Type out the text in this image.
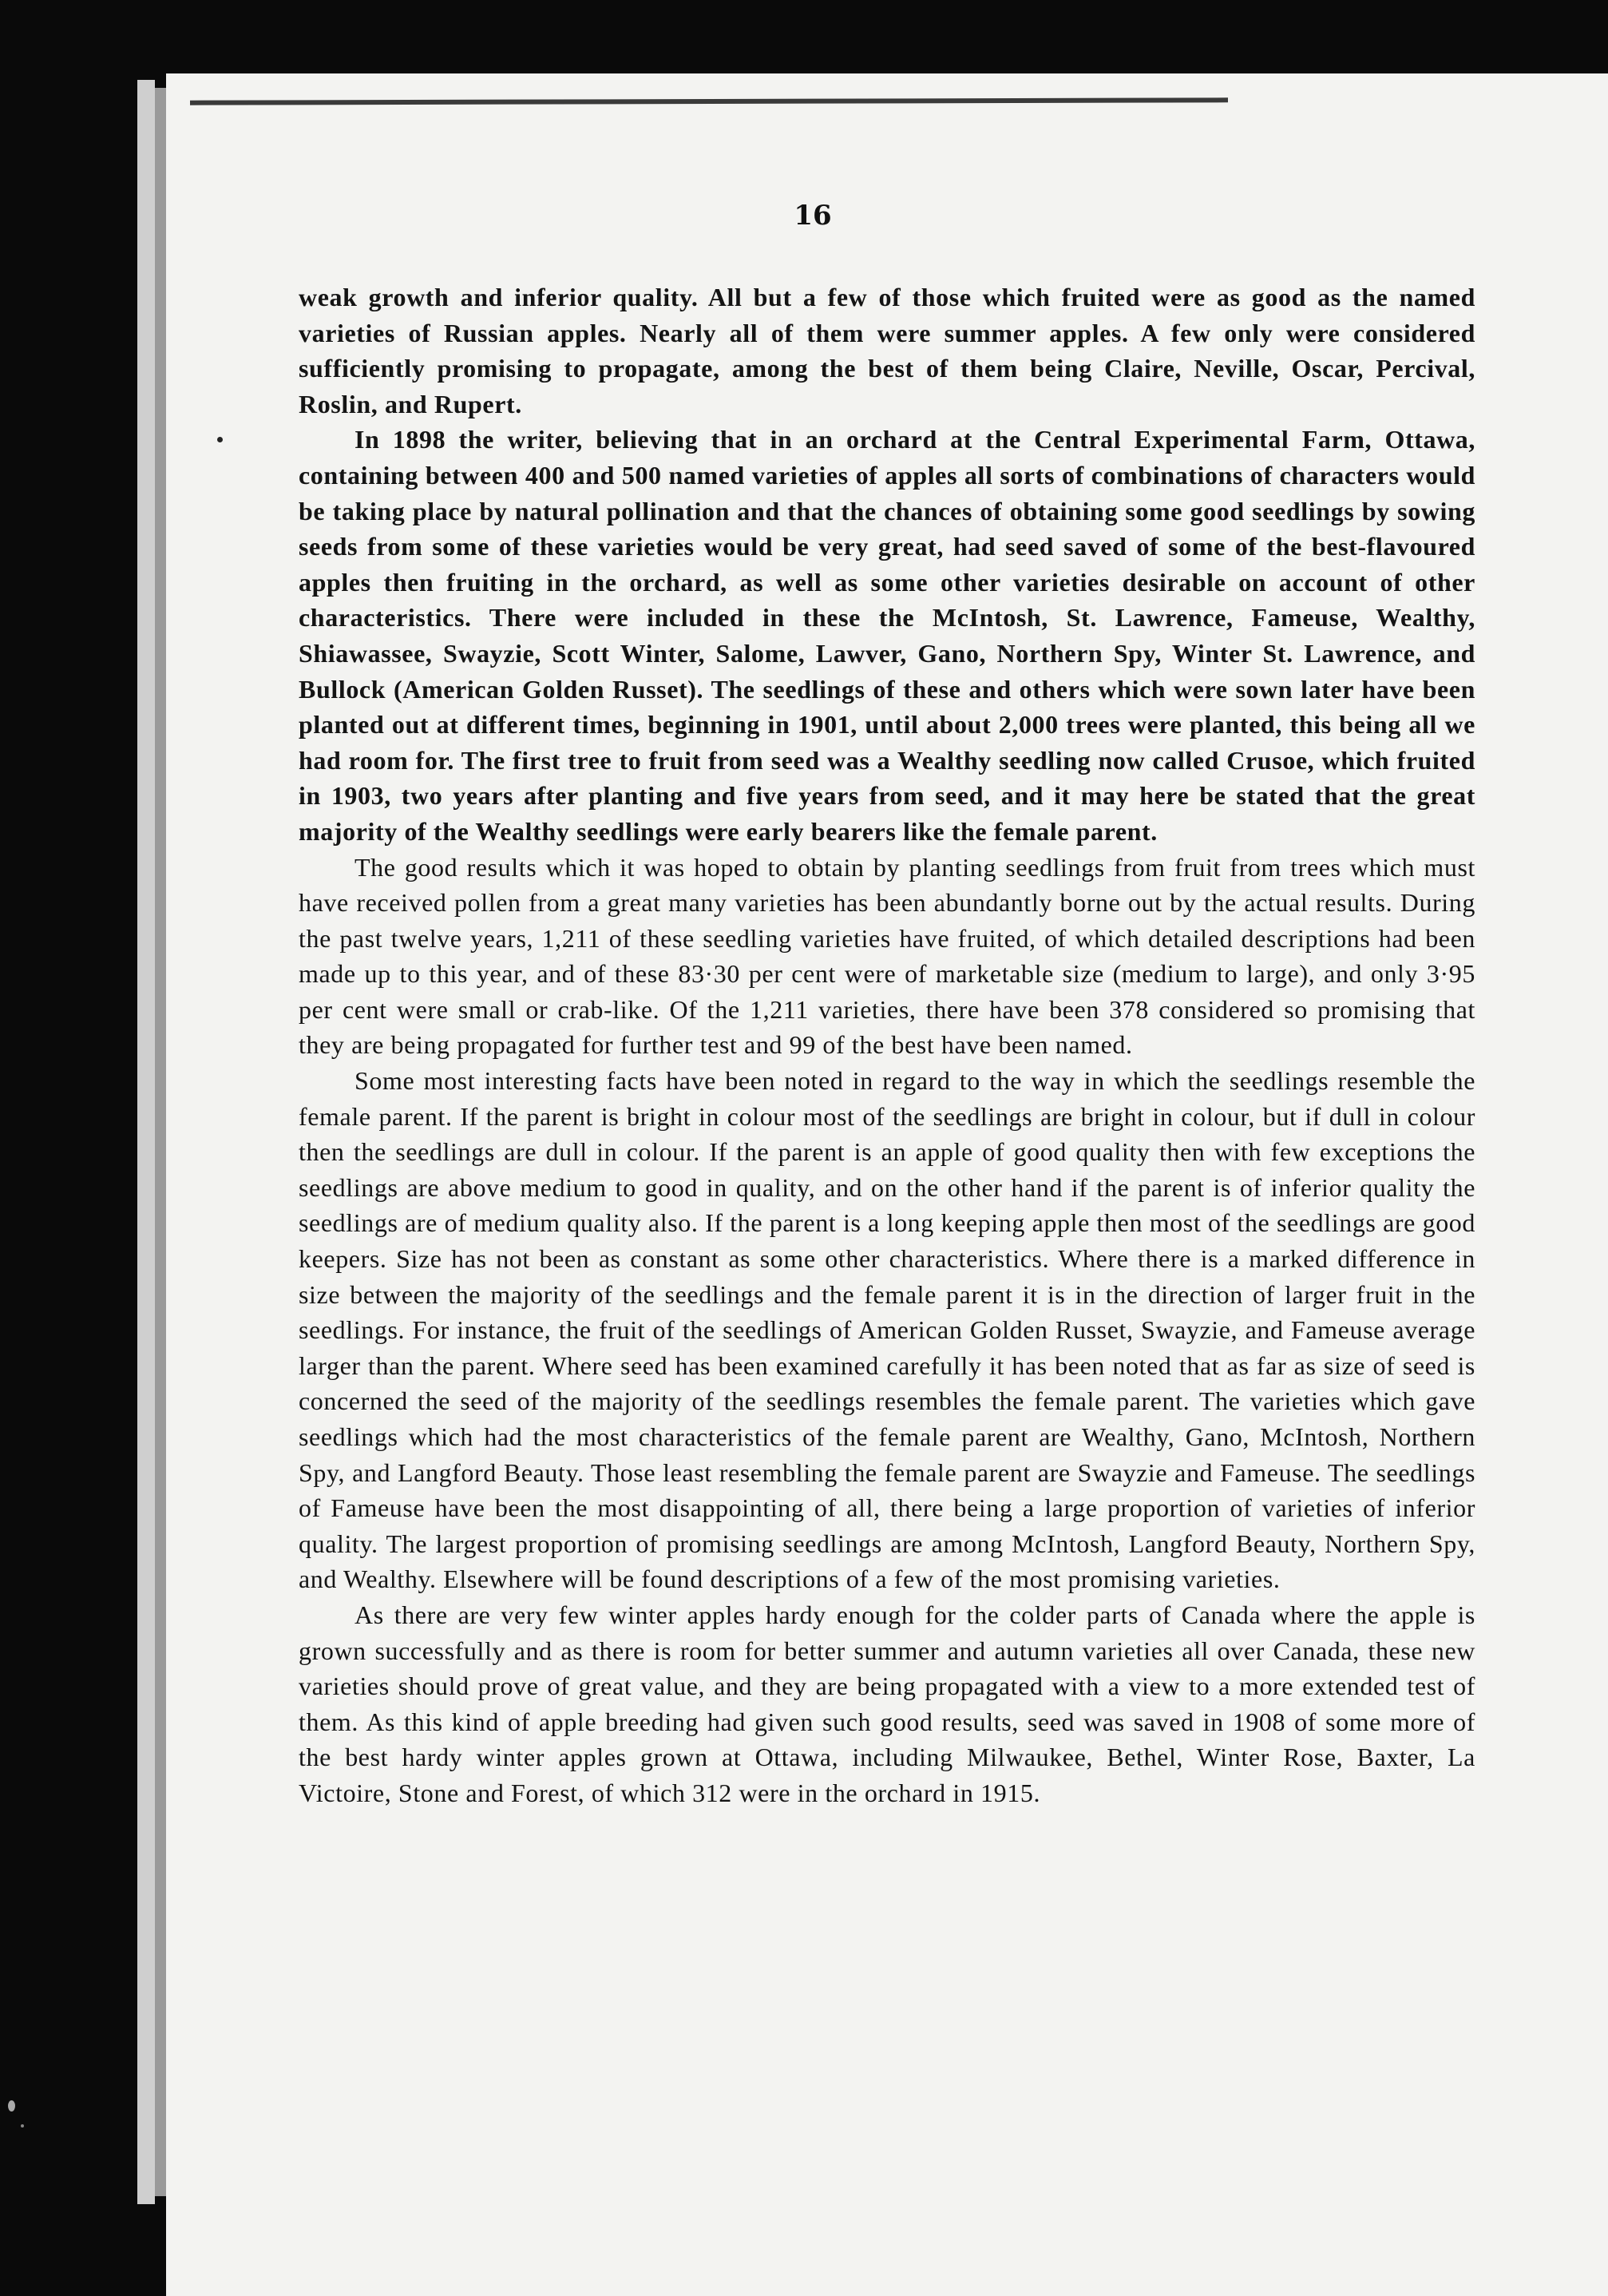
16

weak growth and inferior quality. All but a few of those which fruited were as good as the named varieties of Russian apples. Nearly all of them were summer apples. A few only were considered sufficiently promising to propagate, among the best of them being Claire, Neville, Oscar, Percival, Roslin, and Rupert.

In 1898 the writer, believing that in an orchard at the Central Experimental Farm, Ottawa, containing between 400 and 500 named varieties of apples all sorts of combinations of characters would be taking place by natural pollination and that the chances of obtaining some good seedlings by sowing seeds from some of these varieties would be very great, had seed saved of some of the best-flavoured apples then fruiting in the orchard, as well as some other varieties desirable on account of other characteristics. There were included in these the McIntosh, St. Lawrence, Fameuse, Wealthy, Shiawassee, Swayzie, Scott Winter, Salome, Lawver, Gano, Northern Spy, Winter St. Lawrence, and Bullock (American Golden Russet). The seedlings of these and others which were sown later have been planted out at different times, beginning in 1901, until about 2,000 trees were planted, this being all we had room for. The first tree to fruit from seed was a Wealthy seedling now called Crusoe, which fruited in 1903, two years after planting and five years from seed, and it may here be stated that the great majority of the Wealthy seedlings were early bearers like the female parent.

The good results which it was hoped to obtain by planting seedlings from fruit from trees which must have received pollen from a great many varieties has been abundantly borne out by the actual results. During the past twelve years, 1,211 of these seedling varieties have fruited, of which detailed descriptions had been made up to this year, and of these 83·30 per cent were of marketable size (medium to large), and only 3·95 per cent were small or crab-like. Of the 1,211 varieties, there have been 378 considered so promising that they are being propagated for further test and 99 of the best have been named.

Some most interesting facts have been noted in regard to the way in which the seedlings resemble the female parent. If the parent is bright in colour most of the seedlings are bright in colour, but if dull in colour then the seedlings are dull in colour. If the parent is an apple of good quality then with few exceptions the seedlings are above medium to good in quality, and on the other hand if the parent is of inferior quality the seedlings are of medium quality also. If the parent is a long keeping apple then most of the seedlings are good keepers. Size has not been as constant as some other characteristics. Where there is a marked difference in size between the majority of the seedlings and the female parent it is in the direction of larger fruit in the seedlings. For instance, the fruit of the seedlings of American Golden Russet, Swayzie, and Fameuse average larger than the parent. Where seed has been examined carefully it has been noted that as far as size of seed is concerned the seed of the majority of the seedlings resembles the female parent. The varieties which gave seedlings which had the most characteristics of the female parent are Wealthy, Gano, McIntosh, Northern Spy, and Langford Beauty. Those least resembling the female parent are Swayzie and Fameuse. The seedlings of Fameuse have been the most disappointing of all, there being a large proportion of varieties of inferior quality. The largest proportion of promising seedlings are among McIntosh, Langford Beauty, Northern Spy, and Wealthy. Elsewhere will be found descriptions of a few of the most promising varieties.

As there are very few winter apples hardy enough for the colder parts of Canada where the apple is grown successfully and as there is room for better summer and autumn varieties all over Canada, these new varieties should prove of great value, and they are being propagated with a view to a more extended test of them. As this kind of apple breeding had given such good results, seed was saved in 1908 of some more of the best hardy winter apples grown at Ottawa, including Milwaukee, Bethel, Winter Rose, Baxter, La Victoire, Stone and Forest, of which 312 were in the orchard in 1915.
